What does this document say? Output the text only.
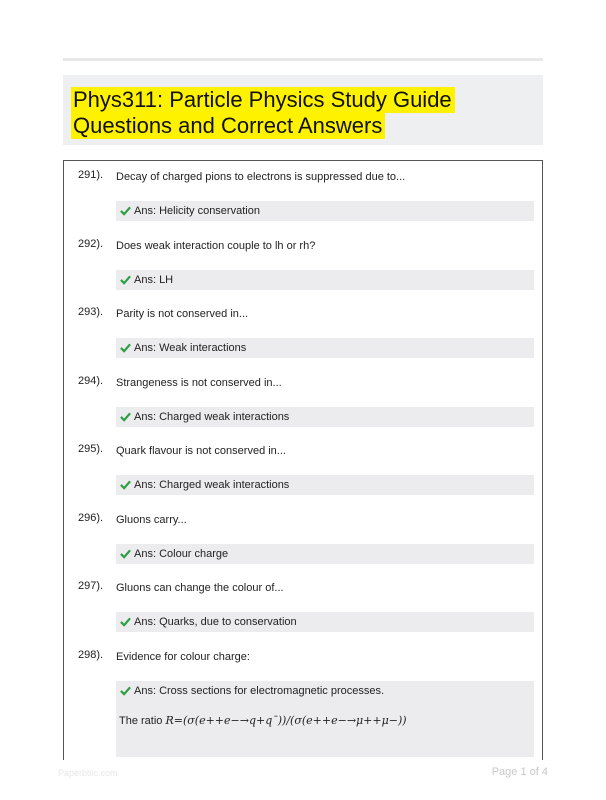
Phys311: Particle Physics Study Guide
Questions and Correct Answers
291). Decay of charged pions to electrons is suppressed due to...
Ans: Helicity conservation
292). Does weak interaction couple to lh or rh?
Ans: LH
293). Parity is not conserved in...
Ans: Weak interactions
294). Strangeness is not conserved in...
Ans: Charged weak interactions
295). Quark flavour is not conserved in...
Ans: Charged weak interactions
296). Gluons carry...
Ans: Colour charge
297). Gluons can change the colour of...
Ans: Quarks, due to conservation
298). Evidence for colour charge:
Ans: Cross sections for electromagnetic processes.
The ratio R=(σ(e++e−→q+q¯))/(σ(e++e−→μ++μ−))
Paperbtiic.com	Page 1 of 4
